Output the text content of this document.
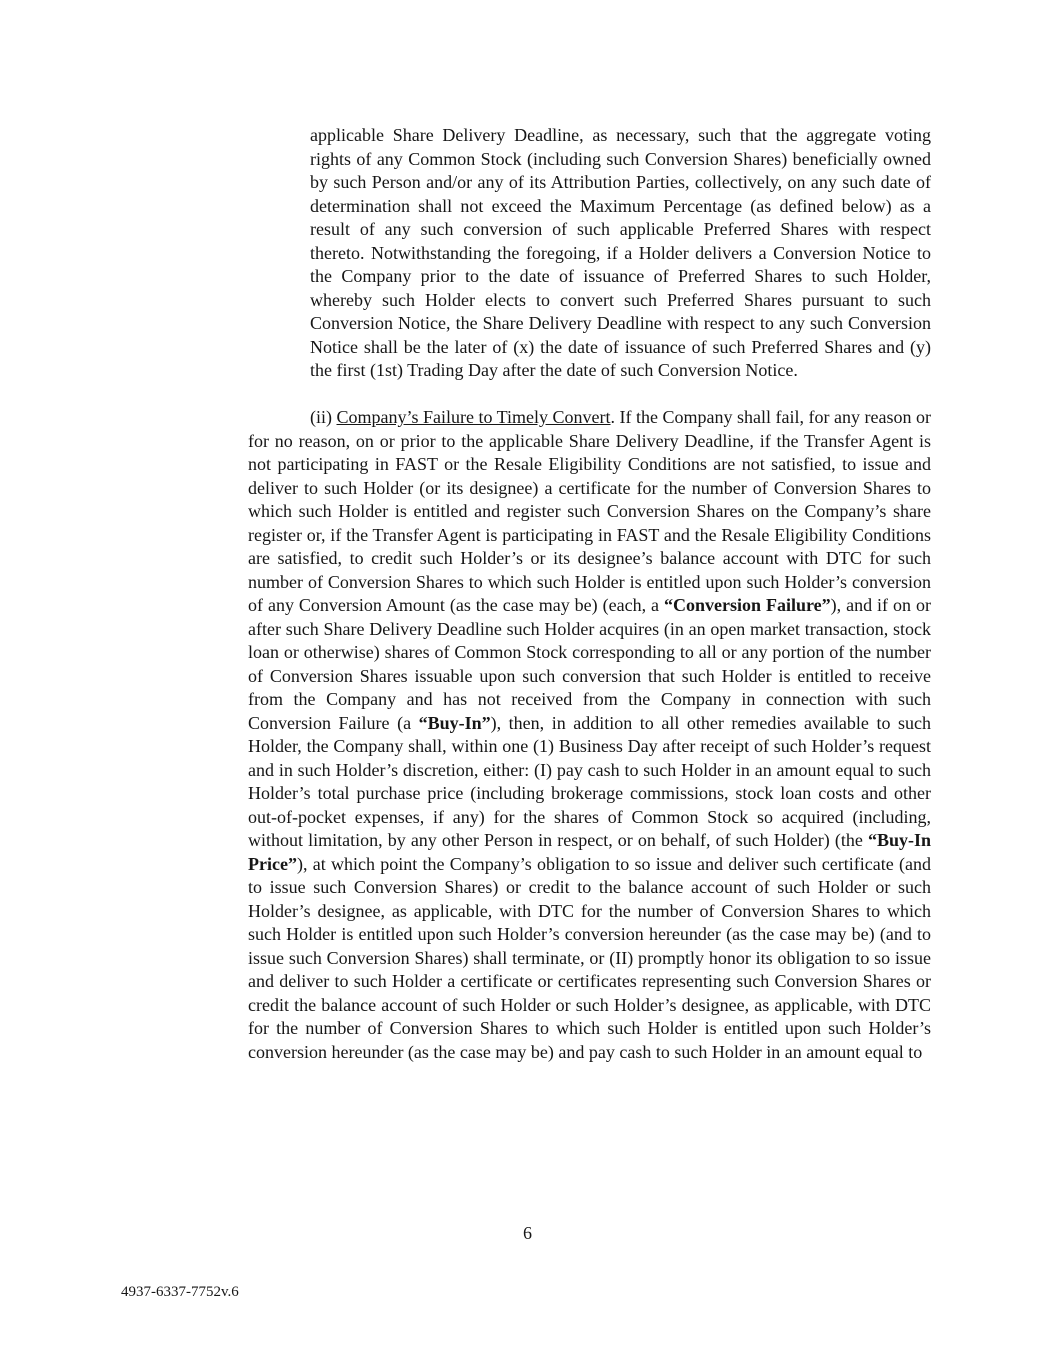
applicable Share Delivery Deadline, as necessary, such that the aggregate voting rights of any Common Stock (including such Conversion Shares) beneficially owned by such Person and/or any of its Attribution Parties, collectively, on any such date of determination shall not exceed the Maximum Percentage (as defined below) as a result of any such conversion of such applicable Preferred Shares with respect thereto. Notwithstanding the foregoing, if a Holder delivers a Conversion Notice to the Company prior to the date of issuance of Preferred Shares to such Holder, whereby such Holder elects to convert such Preferred Shares pursuant to such Conversion Notice, the Share Delivery Deadline with respect to any such Conversion Notice shall be the later of (x) the date of issuance of such Preferred Shares and (y) the first (1st) Trading Day after the date of such Conversion Notice.

(ii) Company’s Failure to Timely Convert. If the Company shall fail, for any reason or for no reason, on or prior to the applicable Share Delivery Deadline, if the Transfer Agent is not participating in FAST or the Resale Eligibility Conditions are not satisfied, to issue and deliver to such Holder (or its designee) a certificate for the number of Conversion Shares to which such Holder is entitled and register such Conversion Shares on the Company’s share register or, if the Transfer Agent is participating in FAST and the Resale Eligibility Conditions are satisfied, to credit such Holder’s or its designee’s balance account with DTC for such number of Conversion Shares to which such Holder is entitled upon such Holder’s conversion of any Conversion Amount (as the case may be) (each, a “Conversion Failure”), and if on or after such Share Delivery Deadline such Holder acquires (in an open market transaction, stock loan or otherwise) shares of Common Stock corresponding to all or any portion of the number of Conversion Shares issuable upon such conversion that such Holder is entitled to receive from the Company and has not received from the Company in connection with such Conversion Failure (a “Buy-In”), then, in addition to all other remedies available to such Holder, the Company shall, within one (1) Business Day after receipt of such Holder’s request and in such Holder’s discretion, either: (I) pay cash to such Holder in an amount equal to such Holder’s total purchase price (including brokerage commissions, stock loan costs and other out-of-pocket expenses, if any) for the shares of Common Stock so acquired (including, without limitation, by any other Person in respect, or on behalf, of such Holder) (the “Buy-In Price”), at which point the Company’s obligation to so issue and deliver such certificate (and to issue such Conversion Shares) or credit to the balance account of such Holder or such Holder’s designee, as applicable, with DTC for the number of Conversion Shares to which such Holder is entitled upon such Holder’s conversion hereunder (as the case may be) (and to issue such Conversion Shares) shall terminate, or (II) promptly honor its obligation to so issue and deliver to such Holder a certificate or certificates representing such Conversion Shares or credit the balance account of such Holder or such Holder’s designee, as applicable, with DTC for the number of Conversion Shares to which such Holder is entitled upon such Holder’s conversion hereunder (as the case may be) and pay cash to such Holder in an amount equal to

6
4937-6337-7752v.6
